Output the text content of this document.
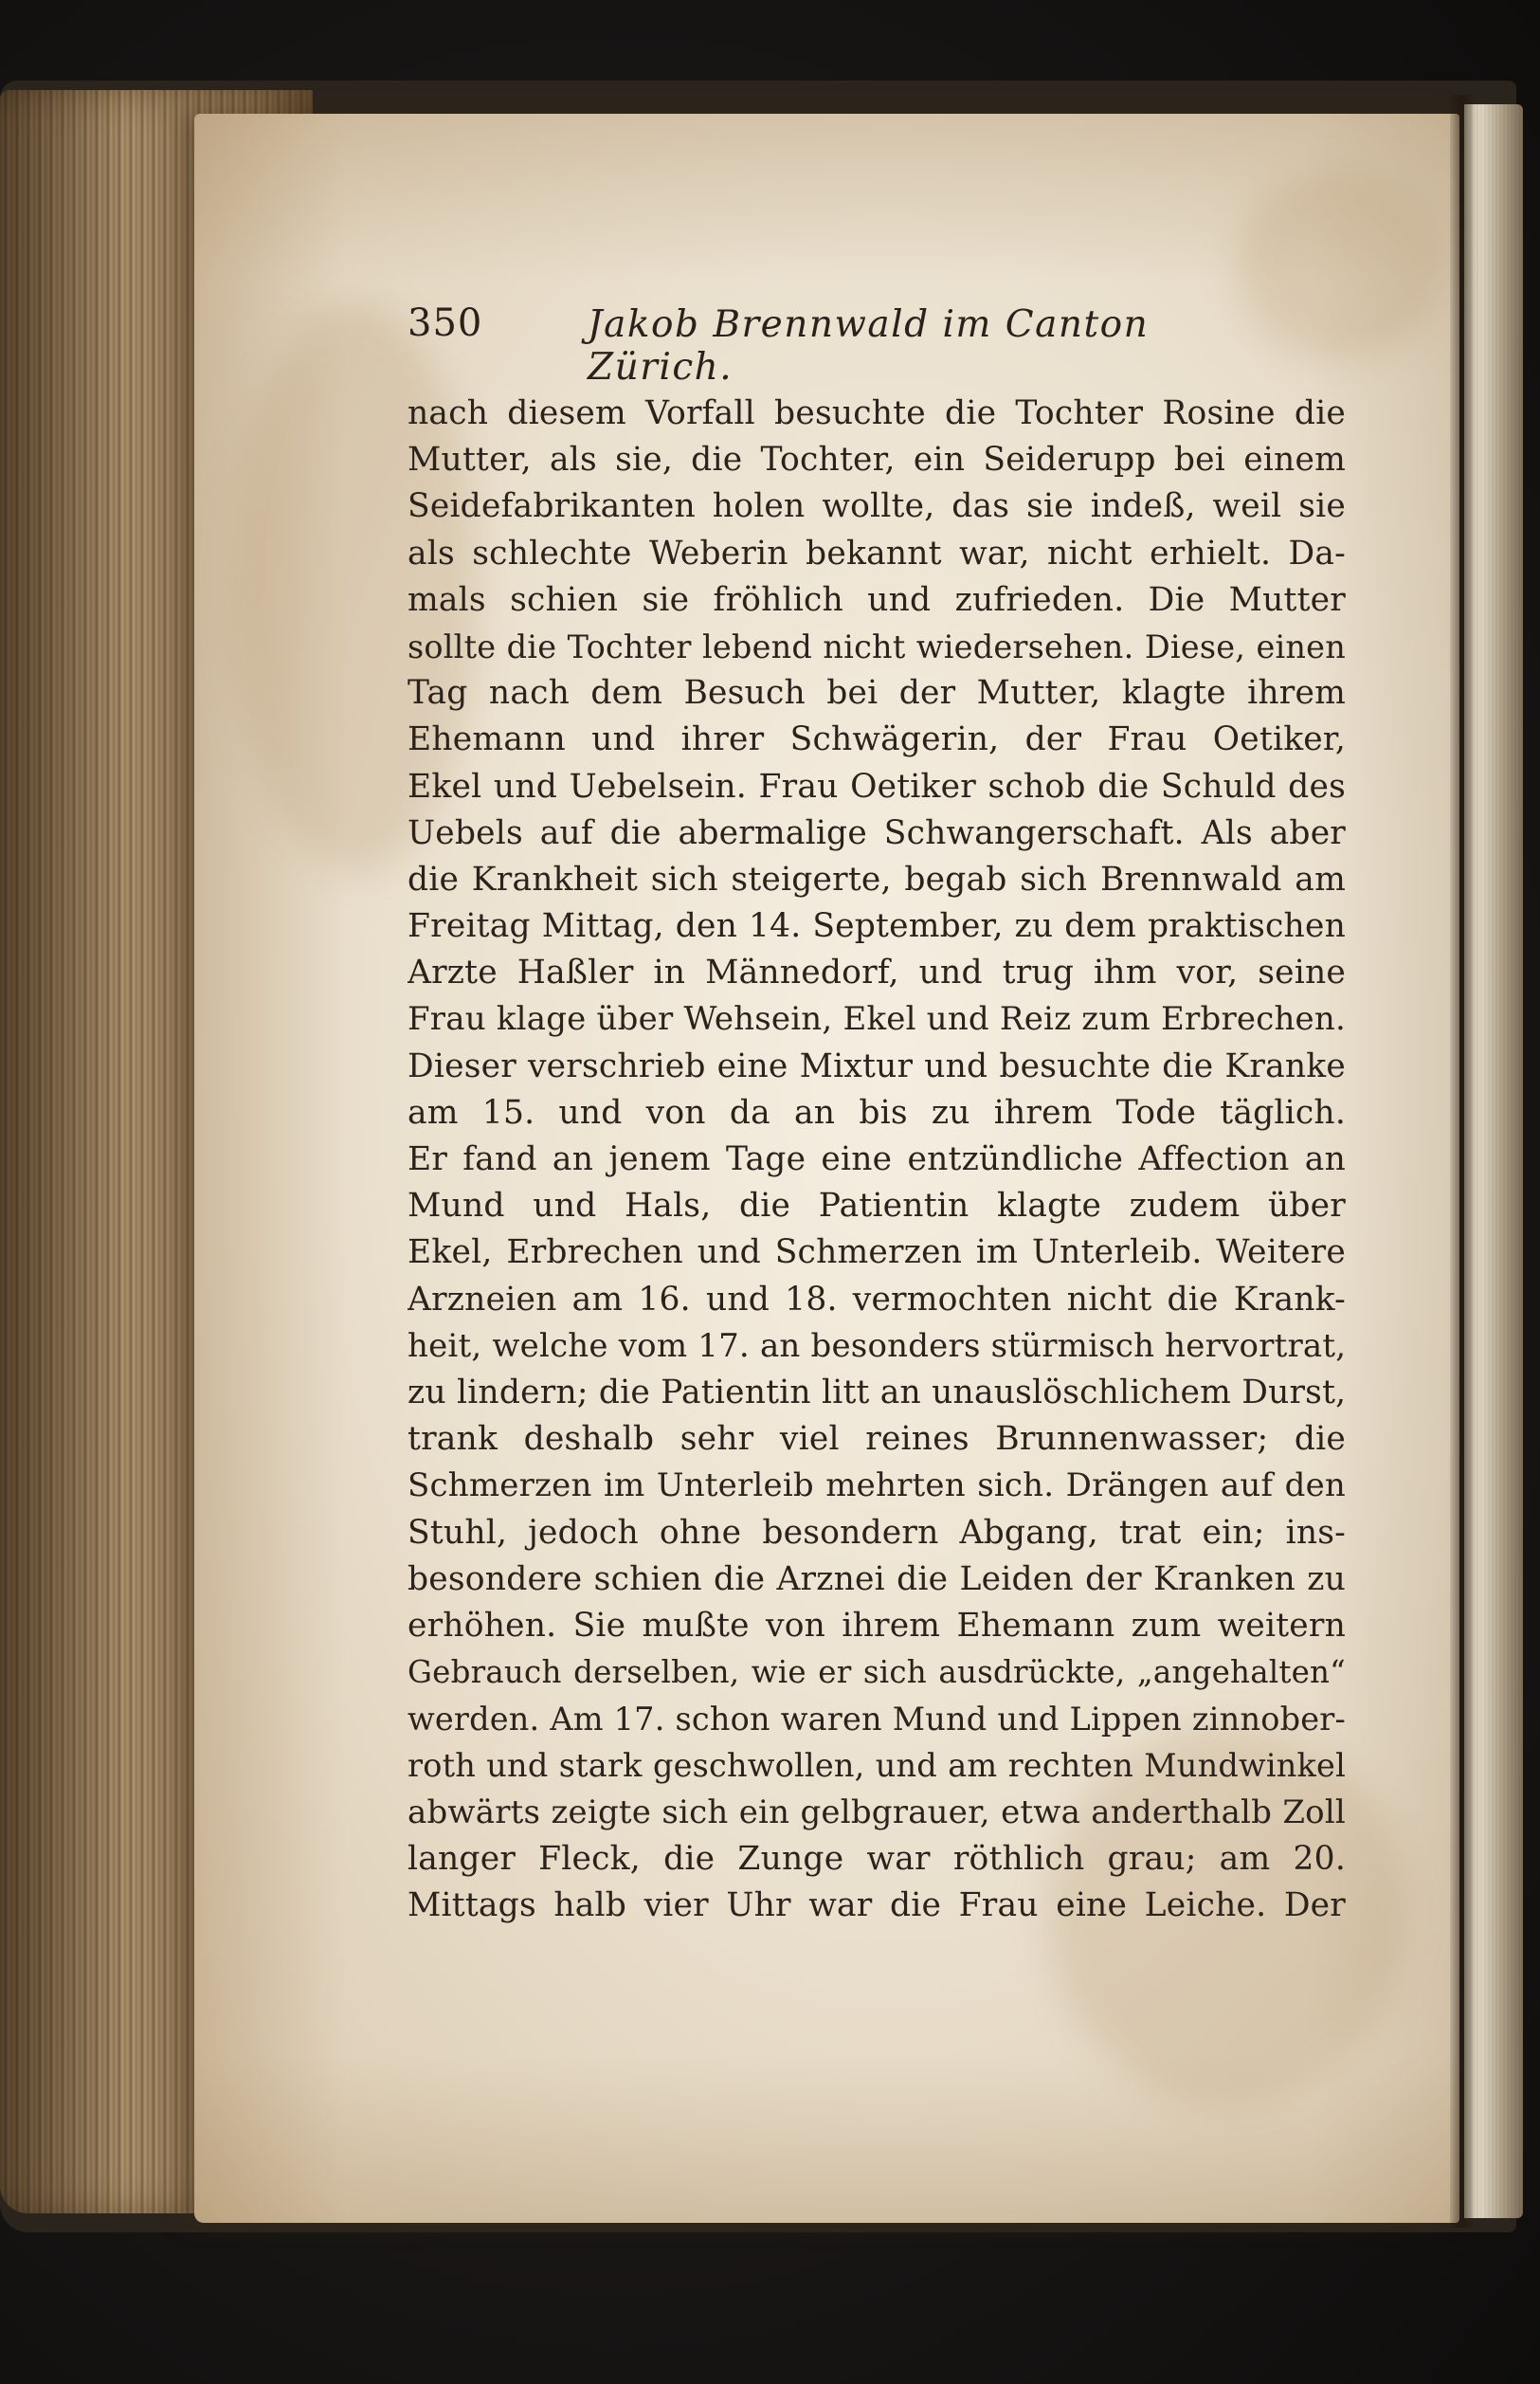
350	Jakob Brennwald im Canton Zürich.
nach diesem Vorfall besuchte die Tochter Rosine die
Mutter, als sie, die Tochter, ein Seiderupp bei einem
Seidefabrikanten holen wollte, das sie indeß, weil sie
als schlechte Weberin bekannt war, nicht erhielt. Da-
mals schien sie fröhlich und zufrieden. Die Mutter
sollte die Tochter lebend nicht wiedersehen. Diese, einen
Tag nach dem Besuch bei der Mutter, klagte ihrem
Ehemann und ihrer Schwägerin, der Frau Oetiker,
Ekel und Uebelsein. Frau Oetiker schob die Schuld des
Uebels auf die abermalige Schwangerschaft. Als aber
die Krankheit sich steigerte, begab sich Brennwald am
Freitag Mittag, den 14. September, zu dem praktischen
Arzte Haßler in Männedorf, und trug ihm vor, seine
Frau klage über Wehsein, Ekel und Reiz zum Erbrechen.
Dieser verschrieb eine Mixtur und besuchte die Kranke
am 15. und von da an bis zu ihrem Tode täglich.
Er fand an jenem Tage eine entzündliche Affection an
Mund und Hals, die Patientin klagte zudem über
Ekel, Erbrechen und Schmerzen im Unterleib. Weitere
Arzneien am 16. und 18. vermochten nicht die Krank-
heit, welche vom 17. an besonders stürmisch hervortrat,
zu lindern; die Patientin litt an unauslöschlichem Durst,
trank deshalb sehr viel reines Brunnenwasser; die
Schmerzen im Unterleib mehrten sich. Drängen auf den
Stuhl, jedoch ohne besondern Abgang, trat ein; ins-
besondere schien die Arznei die Leiden der Kranken zu
erhöhen. Sie mußte von ihrem Ehemann zum weitern
Gebrauch derselben, wie er sich ausdrückte, „angehalten“
werden. Am 17. schon waren Mund und Lippen zinnober-
roth und stark geschwollen, und am rechten Mundwinkel
abwärts zeigte sich ein gelbgrauer, etwa anderthalb Zoll
langer Fleck, die Zunge war röthlich grau; am 20.
Mittags halb vier Uhr war die Frau eine Leiche. Der
